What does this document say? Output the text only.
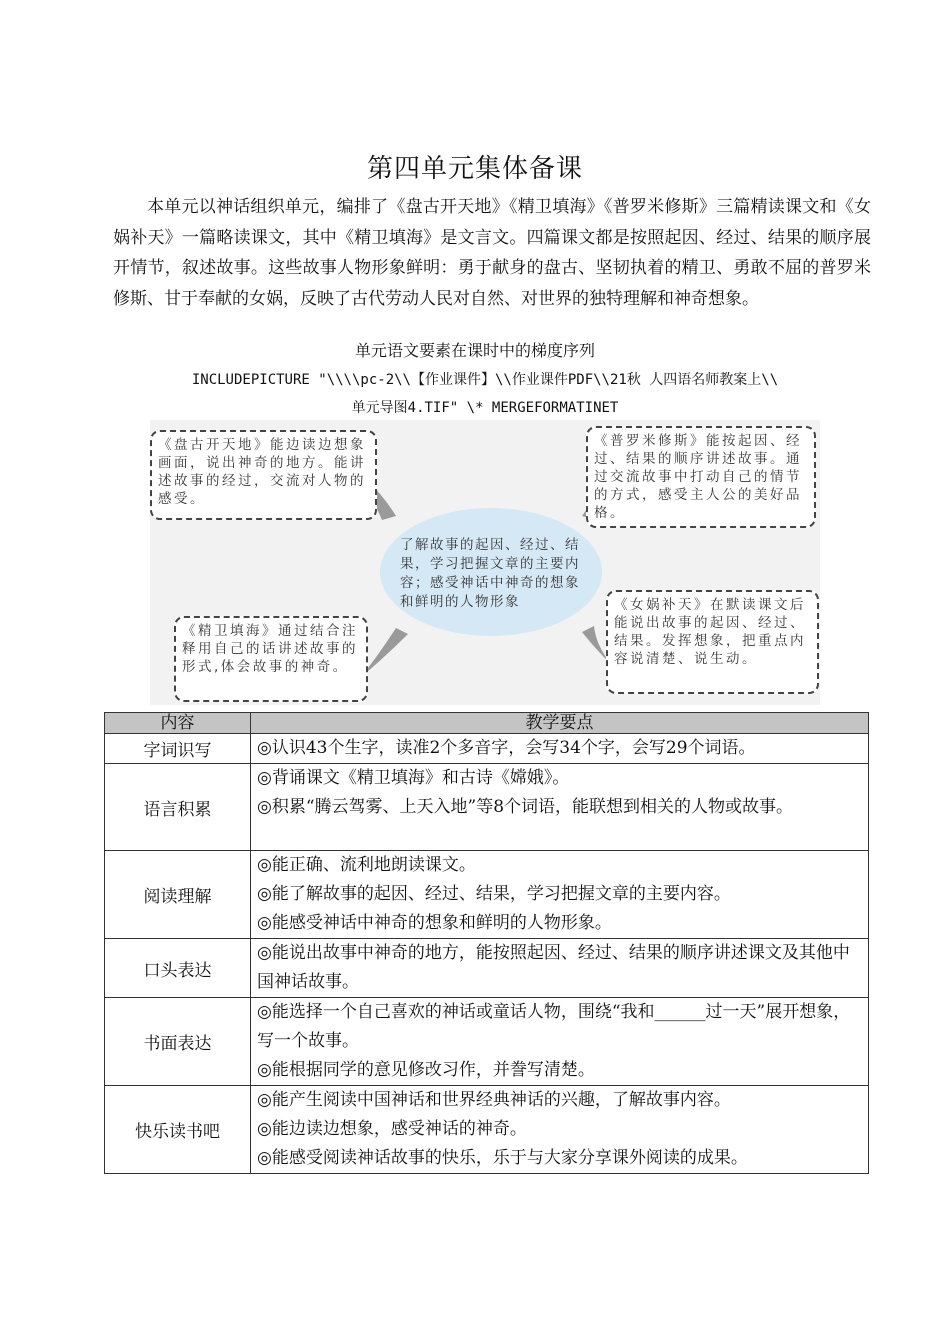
第四单元集体备课

本单元以神话组织单元，编排了《盘古开天地》《精卫填海》《普罗米修斯》三篇精读课文和《女娲补天》一篇略读课文，其中《精卫填海》是文言文。四篇课文都是按照起因、经过、结果的顺序展开情节，叙述故事。这些故事人物形象鲜明：勇于献身的盘古、坚韧执着的精卫、勇敢不屈的普罗米修斯、甘于奉献的女娲，反映了古代劳动人民对自然、对世界的独特理解和神奇想象。

单元语文要素在课时中的梯度序列
INCLUDEPICTURE "\\\\pc-2\\【作业课件】\\作业课件PDF\\21秋 人四语名师教案上\\
单元导图4.TIF" \* MERGEFORMATINET
了解故事的起因、经过、结果，学习把握文章的主要内容；感受神话中神奇的想象和鲜明的人物形象
《盘古开天地》能边读边想象画面，说出神奇的地方。能讲述故事的经过，交流对人物的感受。
《普罗米修斯》能按起因、经过、结果的顺序讲述故事。通过交流故事中打动自己的情节的方式，感受主人公的美好品格。
《精卫填海》通过结合注释用自己的话讲述故事的形式,体会故事的神奇。
《女娲补天》在默读课文后能说出故事的起因、经过、结果。发挥想象，把重点内容说清楚、说生动。
内容	教学要点
字词识写	◎认识43个生字，读准2个多音字，会写34个字，会写29个词语。

语言积累	◎背诵课文《精卫填海》和古诗《嫦娥》。
◎积累“腾云驾雾、上天入地”等8个词语，能联想到相关的人物或故事。

阅读理解	◎能正确、流利地朗读课文。
◎能了解故事的起因、经过、结果，学习把握文章的主要内容。
◎能感受神话中神奇的想象和鲜明的人物形象。

口头表达	◎能说出故事中神奇的地方，能按照起因、经过、结果的顺序讲述课文及其他中国神话故事。

书面表达	◎能选择一个自己喜欢的神话或童话人物，围绕“我和______过一天”展开想象，写一个故事。
◎能根据同学的意见修改习作，并誊写清楚。

快乐读书吧	◎能产生阅读中国神话和世界经典神话的兴趣，了解故事内容。
◎能边读边想象，感受神话的神奇。
◎能感受阅读神话故事的快乐，乐于与大家分享课外阅读的成果。
